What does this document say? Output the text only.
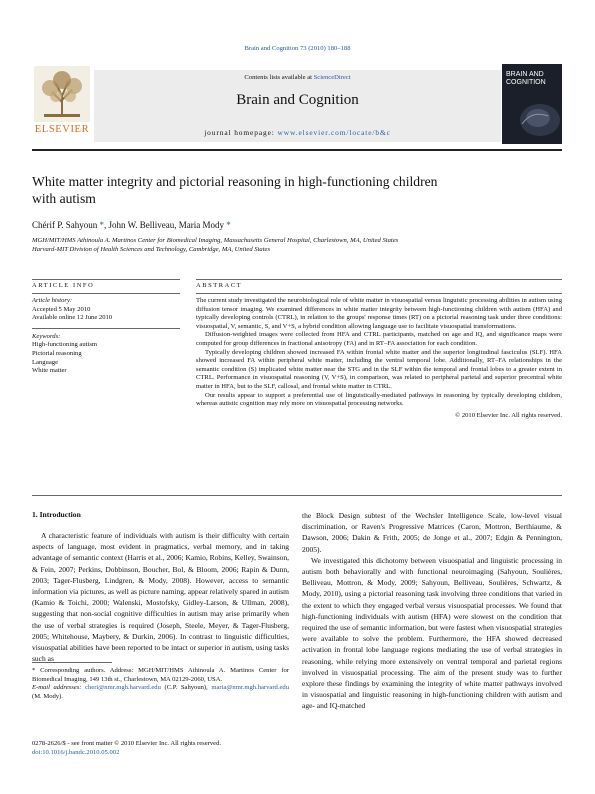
Brain and Cognition 73 (2010) 180–188
ELSEVIER
Contents lists available at ScienceDirect
Brain and Cognition
journal homepage: www.elsevier.com/locate/b&c
BRAIN AND
COGNITION
White matter integrity and pictorial reasoning in high-functioning children
with autism
Chérif P. Sahyoun *, John W. Belliveau, Maria Mody *
MGH/MIT/HMS Athinoula A. Martinos Center for Biomedical Imaging, Massachusetts General Hospital, Charlestown, MA, United States
Harvard-MIT Division of Health Sciences and Technology, Cambridge, MA, United States
ARTICLE INFO	ABSTRACT
Article history:
Accepted 5 May 2010
Available online 12 June 2010
Keywords:
High-functioning autism
Pictorial reasoning
Language
White matter

The current study investigated the neurobiological role of white matter in visuospatial versus linguistic processing abilities in autism using diffusion tensor imaging. We examined differences in white matter integrity between high-functioning children with autism (HFA) and typically developing controls (CTRL), in relation to the groups' response times (RT) on a pictorial reasoning task under three conditions: visuospatial, V, semantic, S, and V+S, a hybrid condition allowing language use to facilitate visuospatial transformations.

Diffusion-weighted images were collected from HFA and CTRL participants, matched on age and IQ, and significance maps were computed for group differences in fractional anisotropy (FA) and in RT–FA association for each condition.

Typically developing children showed increased FA within frontal white matter and the superior longitudinal fasciculus (SLF). HFA showed increased FA within peripheral white matter, including the ventral temporal lobe. Additionally, RT–FA relationships in the semantic condition (S) implicated white matter near the STG and in the SLF within the temporal and frontal lobes to a greater extent in CTRL. Performance in visuospatial reasoning (V, V+S), in comparison, was related to peripheral parietal and superior precentral white matter in HFA, but to the SLF, callosal, and frontal white matter in CTRL.

Our results appear to support a preferential use of linguistically-mediated pathways in reasoning by typically developing children, whereas autistic cognition may rely more on visuospatial processing networks.

© 2010 Elsevier Inc. All rights reserved.
1. Introduction

A characteristic feature of individuals with autism is their difficulty with certain aspects of language, most evident in pragmatics, verbal memory, and in taking advantage of semantic context (Harris et al., 2006; Kamio, Robins, Kelley, Swainson, & Fein, 2007; Perkins, Dobbinson, Boucher, Bol, & Bloom, 2006; Rapin & Dunn, 2003; Tager-Flusberg, Lindgren, & Mody, 2008). However, access to semantic information via pictures, as well as picture naming, appear relatively spared in autism (Kamio & Toichi, 2000; Walenski, Mostofsky, Gidley-Larson, & Ullman, 2008), suggesting that non-social cognitive difficulties in autism may arise primarily when the use of verbal strategies is required (Joseph, Steele, Meyer, & Tager-Flusberg, 2005; Whitehouse, Maybery, & Durkin, 2006). In contrast to linguistic difficulties, visuospatial abilities have been reported to be intact or superior in autism, using tasks such as

the Block Design subtest of the Wechsler Intelligence Scale, low-level visual discrimination, or Raven's Progressive Matrices (Caron, Mottron, Berthiaume, & Dawson, 2006; Dakin & Frith, 2005; de Jonge et al., 2007; Edgin & Pennington, 2005).

We investigated this dichotomy between visuospatial and linguistic processing in autism both behaviorally and with functional neuroimaging (Sahyoun, Soulières, Belliveau, Mottron, & Mody, 2009; Sahyoun, Belliveau, Soulières, Schwartz, & Mody, 2010), using a pictorial reasoning task involving three conditions that varied in the extent to which they engaged verbal versus visuospatial processes. We found that high-functioning individuals with autism (HFA) were slowest on the condition that required the use of semantic information, but were fastest when visuospatial strategies were available to solve the problem. Furthermore, the HFA showed decreased activation in frontal lobe language regions mediating the use of verbal strategies in reasoning, while relying more extensively on ventral temporal and parietal regions involved in visuospatial processing. The aim of the present study was to further explore these findings by examining the integrity of white matter pathways involved in visuospatial and linguistic reasoning in high-functioning children with autism and age- and IQ-matched

* Corresponding authors. Address: MGH/MIT/HMS Athinoula A. Martinos Center for Biomedical Imaging, 149 13th st., Charlestown, MA 02129-2060, USA.
E-mail addresses: cheri@nmr.mgh.harvard.edu (C.P. Sahyoun), maria@nmr.mgh.harvard.edu (M. Mody).
0278-2626/$ - see front matter © 2010 Elsevier Inc. All rights reserved.
doi:10.1016/j.bandc.2010.05.002
